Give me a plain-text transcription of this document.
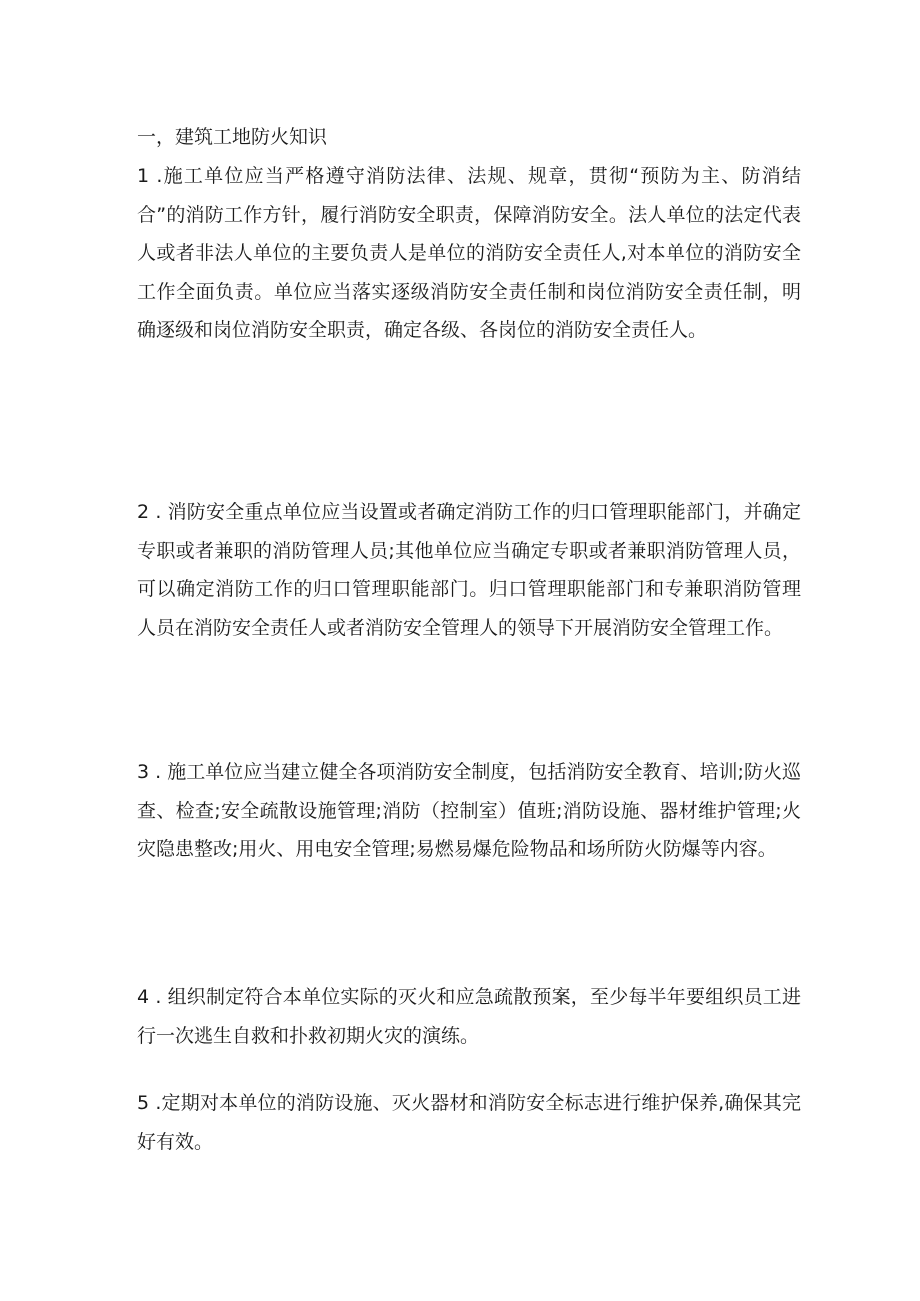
一，建筑工地防火知识

1 .施工单位应当严格遵守消防法律、法规、规章，贯彻“预防为主、防消结合”的消防工作方针，履行消防安全职责，保障消防安全。法人单位的法定代表人或者非法人单位的主要负责人是单位的消防安全责任人,对本单位的消防安全工作全面负责。单位应当落实逐级消防安全责任制和岗位消防安全责任制，明确逐级和岗位消防安全职责，确定各级、各岗位的消防安全责任人。

2 . 消防安全重点单位应当设置或者确定消防工作的归口管理职能部门，并确定专职或者兼职的消防管理人员;其他单位应当确定专职或者兼职消防管理人员，可以确定消防工作的归口管理职能部门。归口管理职能部门和专兼职消防管理人员在消防安全责任人或者消防安全管理人的领导下开展消防安全管理工作。

3 . 施工单位应当建立健全各项消防安全制度，包括消防安全教育、培训;防火巡查、检查;安全疏散设施管理;消防（控制室）值班;消防设施、器材维护管理;火灾隐患整改;用火、用电安全管理;易燃易爆危险物品和场所防火防爆等内容。

4 . 组织制定符合本单位实际的灭火和应急疏散预案，至少每半年要组织员工进行一次逃生自救和扑救初期火灾的演练。

5 .定期对本单位的消防设施、灭火器材和消防安全标志进行维护保养,确保其完好有效。
